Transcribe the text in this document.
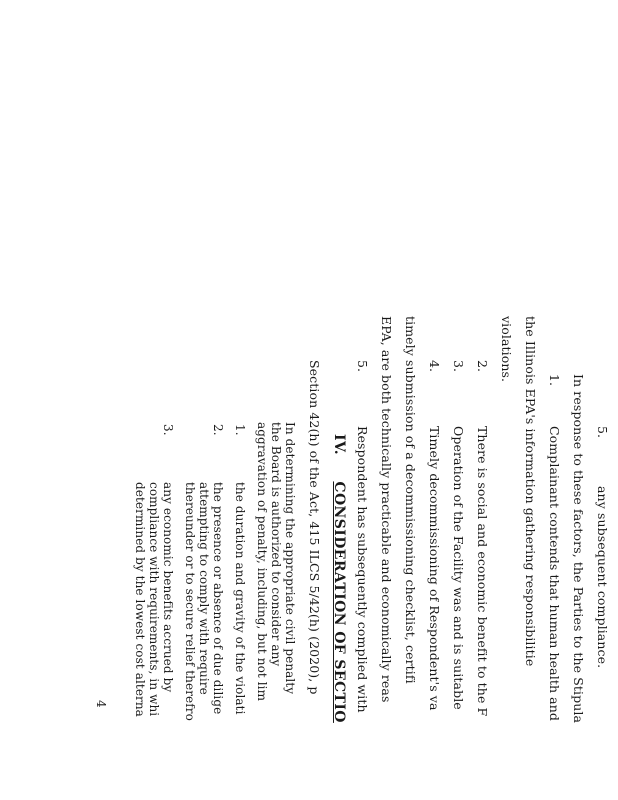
5.
any subsequent compliance.
In response to these factors, the Parties to the Stipula
1.
Complainant contends that human health and
the Illinois EPA's information gathering responsibilitie
violations.
2.
There is social and economic benefit to the F
3.
Operation of the Facility was and is suitable
4.
Timely decommissioning of Respondent's va
timely submission of a decommissioning checklist, certifi
EPA, are both technically practicable and economically reas
5.
Respondent has subsequently complied with
IV.     CONSIDERATION OF SECTIO
Section 42(h) of the Act, 415 ILCS 5/42(h) (2020), p
In determining the appropriate civil penalty
the Board is authorized to consider any
aggravation of penalty, including, but not lim
1.
the duration and gravity of the violati
2.
the presence or absence of due dilige
attempting to comply with require
thereunder or to secure relief therefro
3.
any economic benefits accrued by
compliance with requirements, in whi
determined by the lowest cost alterna
4
